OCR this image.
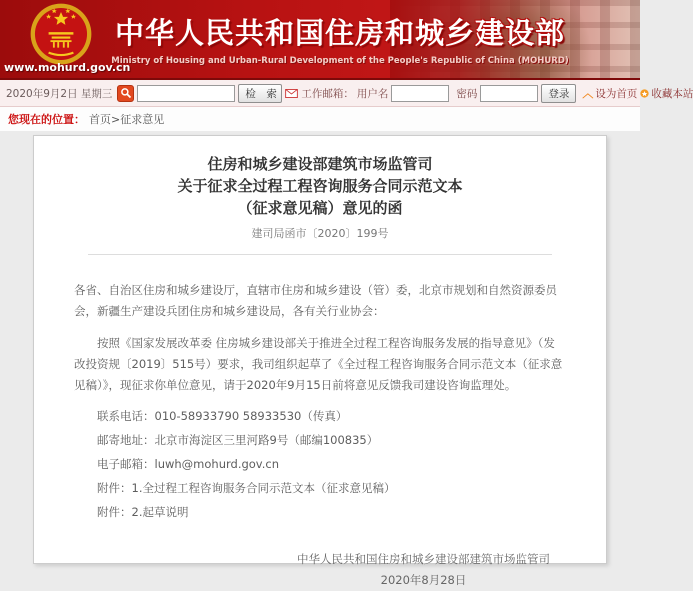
中华人民共和国住房和城乡建设部
Ministry of Housing and Urban-Rural Development of the People's Republic of China (MOHURD)
www.mohurd.gov.cn
2020年9月2日 星期三	检　索	工作邮箱： 用户名	密码	登录	︿ 设为首页 收藏本站
您现在的位置： 首页 > 征求意见
住房和城乡建设部建筑市场监管司
关于征求全过程工程咨询服务合同示范文本
（征求意见稿）意见的函
建司局函市〔2020〕199号

各省、自治区住房和城乡建设厅，直辖市住房和城乡建设（管）委，北京市规划和自然资源委员会，新疆生产建设兵团住房和城乡建设局，各有关行业协会：

按照《国家发展改革委 住房城乡建设部关于推进全过程工程咨询服务发展的指导意见》（发改投资规〔2019〕515号）要求，我司组织起草了《全过程工程咨询服务合同示范文本（征求意见稿）》，现征求你单位意见，请于2020年9月15日前将意见反馈我司建设咨询监理处。

联系电话：010-58933790 58933530（传真）
邮寄地址：北京市海淀区三里河路9号（邮编100835）
电子邮箱：luwh@mohurd.gov.cn
附件：1.全过程工程咨询服务合同示范文本（征求意见稿）
附件：2.起草说明
中华人民共和国住房和城乡建设部建筑市场监管司
2020年8月28日
